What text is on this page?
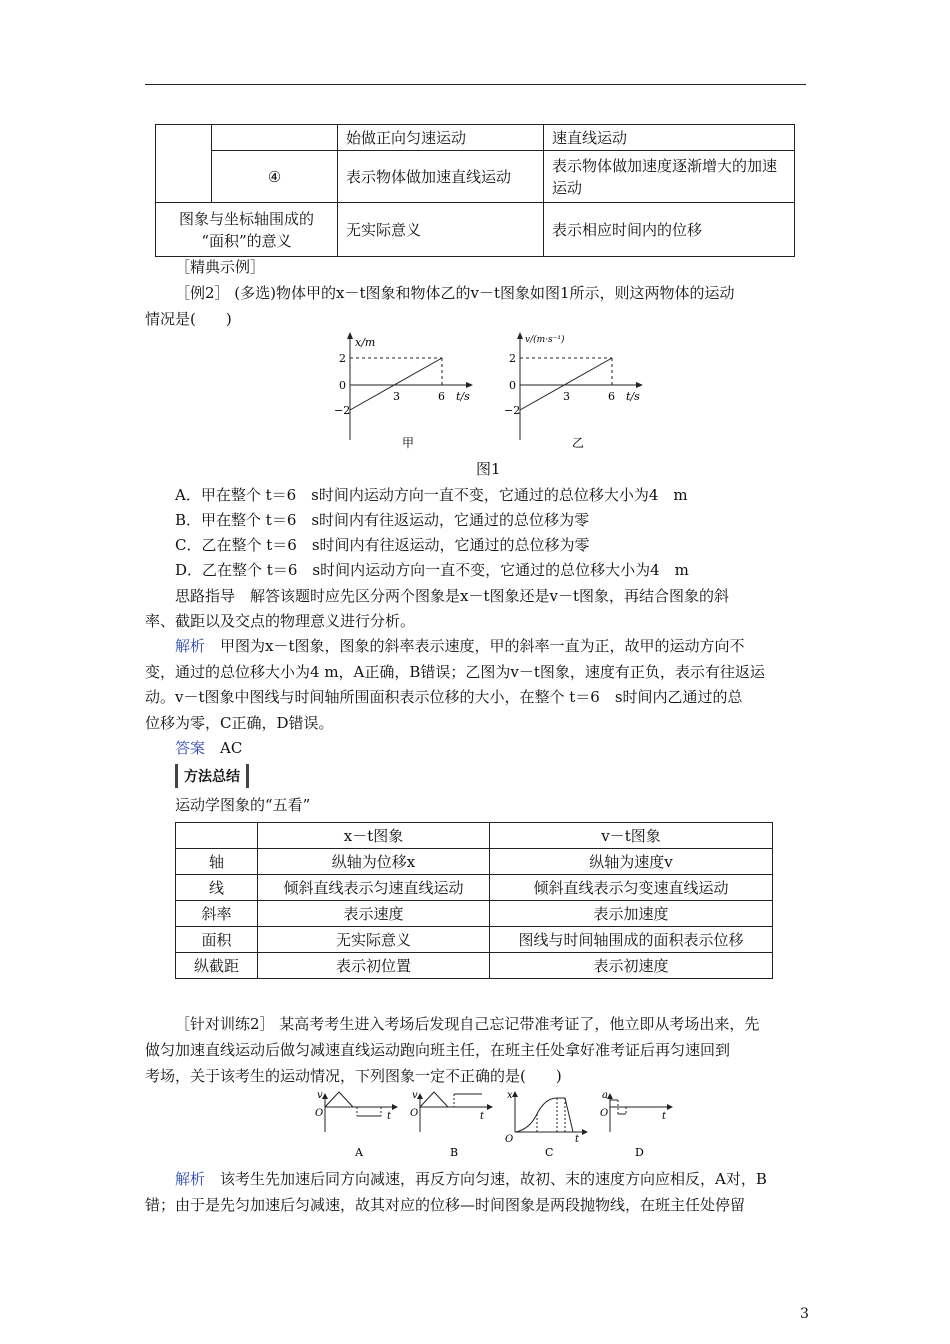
		始做正向匀速运动	速直线运动
	④	表示物体做加速直线运动	表示物体做加速度逐渐增大的加速运动

图象与坐标轴围成的
“面积”的意义		无实际意义	表示相应时间内的位移
［精典示例］
［例2］ (多选)物体甲的x－t图象和物体乙的v－t图象如图1所示，则这两物体的运动
情况是(　　)
x/m
2
0
−2
3	6 t/s
甲
v/(m·s⁻¹)
2
0
−2
3	6 t/s
乙
图1
A．甲在整个 t＝6　s时间内运动方向一直不变，它通过的总位移大小为4　m
B．甲在整个 t＝6　s时间内有往返运动，它通过的总位移为零
C．乙在整个 t＝6　s时间内有往返运动，它通过的总位移为零
D．乙在整个 t＝6　s时间内运动方向一直不变，它通过的总位移大小为4　m
思路指导　解答该题时应先区分两个图象是x－t图象还是v－t图象，再结合图象的斜
率、截距以及交点的物理意义进行分析。
解析　甲图为x－t图象，图象的斜率表示速度，甲的斜率一直为正，故甲的运动方向不
变，通过的总位移大小为4 m，A正确，B错误；乙图为v－t图象，速度有正负，表示有往返运
动。v－t图象中图线与时间轴所围面积表示位移的大小，在整个 t＝6　s时间内乙通过的总
位移为零，C正确，D错误。
答案　AC
方法总结
运动学图象的“五看”
	x－t图象	v－t图象
轴	纵轴为位移x	纵轴为速度v
线	倾斜直线表示匀速直线运动	倾斜直线表示匀变速直线运动
斜率	表示速度	表示加速度
面积	无实际意义	图线与时间轴围成的面积表示位移
纵截距	表示初位置	表示初速度
［针对训练2］ 某高考考生进入考场后发现自己忘记带准考证了，他立即从考场出来，先
做匀加速直线运动后做匀减速直线运动跑向班主任，在班主任处拿好准考证后再匀速回到
考场，关于该考生的运动情况，下列图象一定不正确的是(　　)
v
O	t
A
v
O	t
B
x
O	t
C
a
O	t
D
解析　该考生先加速后同方向减速，再反方向匀速，故初、末的速度方向应相反，A对，B
错；由于是先匀加速后匀减速，故其对应的位移—时间图象是两段抛物线，在班主任处停留
3
